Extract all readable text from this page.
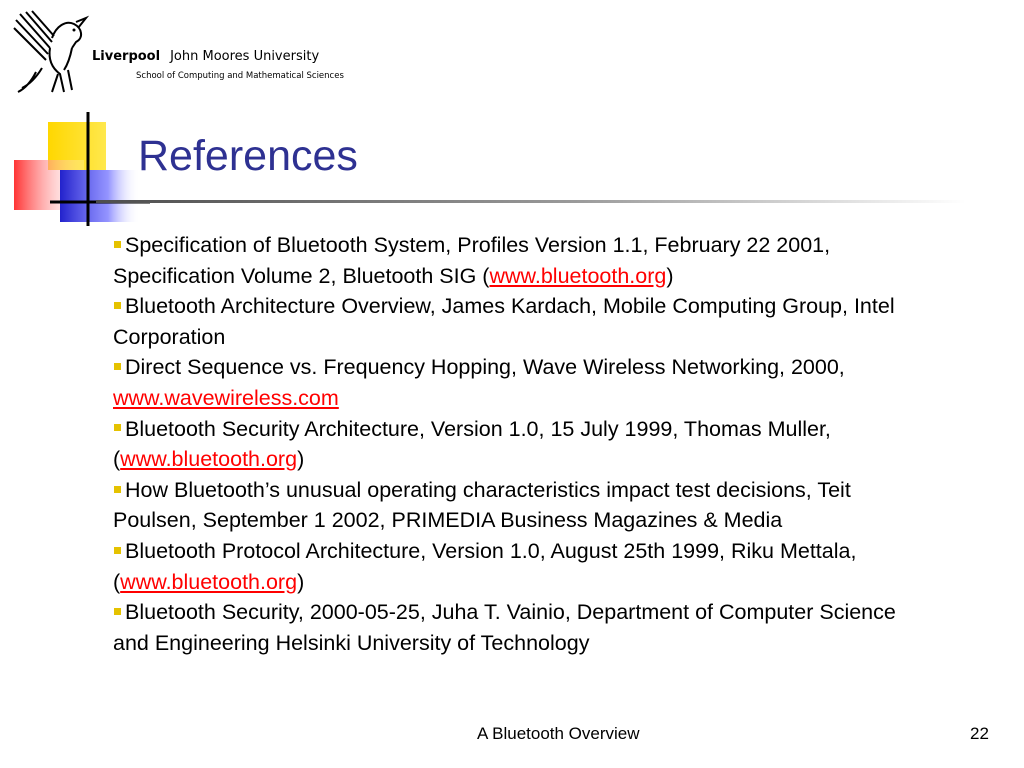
Liverpool John Moores University
School of Computing and Mathematical Sciences
References

Specification of Bluetooth System, Profiles Version 1.1, February 22 2001, Specification Volume 2, Bluetooth SIG (www.bluetooth.org)

Bluetooth Architecture Overview, James Kardach, Mobile Computing Group, Intel Corporation

Direct Sequence vs. Frequency Hopping, Wave Wireless Networking, 2000, www.wavewireless.com

Bluetooth Security Architecture, Version 1.0, 15 July 1999, Thomas Muller, (www.bluetooth.org)

How Bluetooth’s unusual operating characteristics impact test decisions, Teit Poulsen, September 1 2002, PRIMEDIA Business Magazines & Media

Bluetooth Protocol Architecture, Version 1.0, August 25th 1999, Riku Mettala, (www.bluetooth.org)

Bluetooth Security, 2000-05-25, Juha T. Vainio, Department of Computer Science and Engineering Helsinki University of Technology

A Bluetooth Overview	22
